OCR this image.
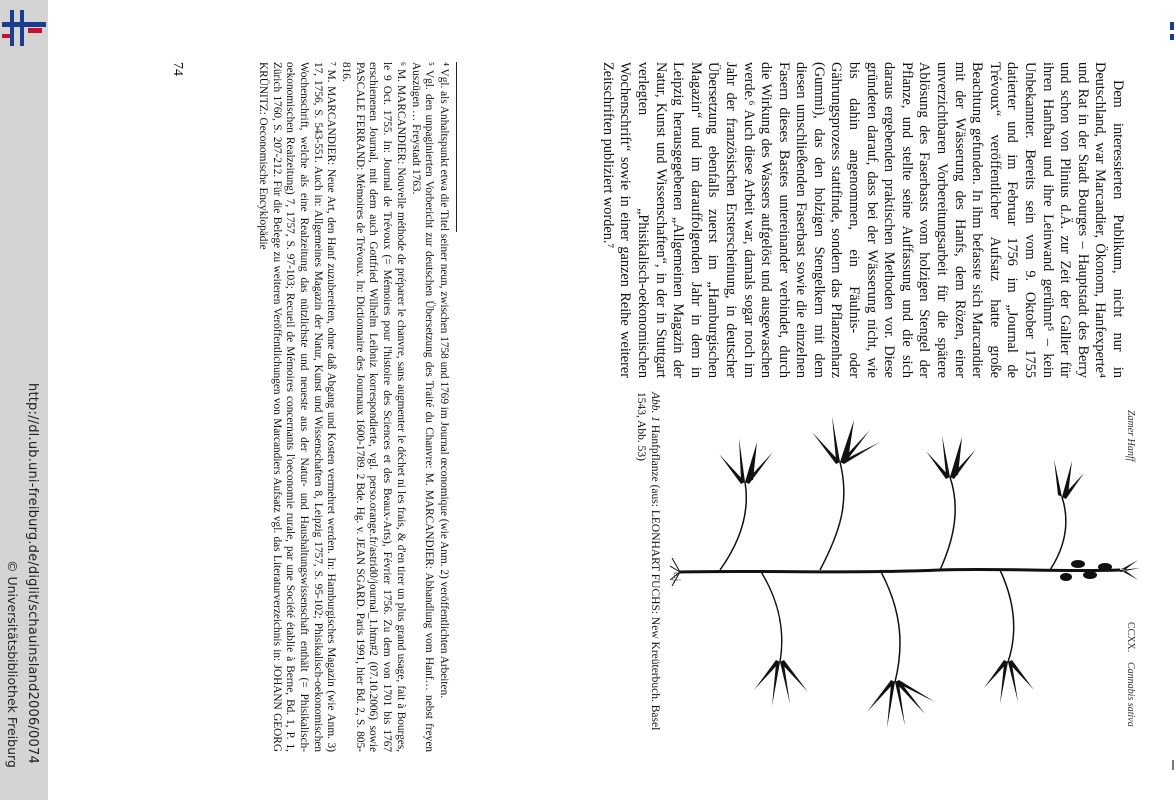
http://dl.ub.uni-freiburg.de/diglit/schauinsland2006/0074
© Universitätsbibliothek Freiburg

Dem interessierten Publikum, nicht nur in Deutschland, war Marcandier, Ökonom, Hanfexperte⁴ und Rat in der Stadt Bourges – Hauptstadt des Berry und schon von Plinius d.Ä. zur Zeit der Gallier für ihren Hanfbau und ihre Leinwand gerühmt⁵ – kein Unbekannter. Bereits sein vom 9. Oktober 1755 datierter und im Februar 1756 im „Journal de Trévoux“ veröffentlicher Aufsatz hatte große Beachtung gefunden. In ihm befasste sich Marcandier mit der Wässerung des Hanfs, dem Rözen, einer unverzichtbaren Vorbereitungsarbeit für die spätere Ablösung des Faserbasts vom holzigen Stengel der Pflanze, und stellte seine Auffassung und die sich daraus ergebenden praktischen Methoden vor. Diese gründeten darauf, dass bei der Wässerung nicht, wie bis dahin angenommen, ein Fäulnis- oder Gährungsprozess stattfinde, sondern das Pflanzenharz (Gummi), das den holzigen Stengelkern mit dem diesen umschließenden Faserbast sowie die einzelnen Fasern dieses Bastes untereinander verbindet, durch die Wirkung des Wassers aufgelöst und ausgewaschen werde.⁶ Auch diese Arbeit war, damals sogar noch im Jahr der französischen Ersterscheinung, in deutscher Übersetzung ebenfalls zuerst im „Hamburgischen Magazin“ und im darauffolgenden Jahr in dem in Leipzig herausgegebenen „Allgemeinen Magazin der Natur, Kunst und Wissenschaften“, in der in Stuttgart verlegten „Phisikalisch-oekonomischen Wochenschrift“ sowie in einer ganzen Reihe weiterer Zeitschriften publiziert worden.⁷

Zamer Hanff
CCXX.
Cannabis sativa
b.j.
Abb. 1 Hanfpflanze (aus: LEONHART FUCHS: New Kreüterbuch. Basel 1543, Abb. 53)

⁴ Vgl. als Anhaltspunkt etwa die Titel seiner neun, zwischen 1758 und 1769 im Journal œconomique (wie Anm. 2) veröffentlichten Arbeiten.

⁵ Vgl. den unpaginierten Vorbericht zur deutschen Übersetzung des Traité du Chanvre: M. MARCANDIER: Abhandlung vom Hanf… nebst freyen Auszügen … Freystadt 1763.

⁶ M. MARCANDIER: Nouvelle méthode de préparer le chanvre, sans augmenter le déchet ni les frais, & d'en tirer un plus grand usage, fait à Bourges, le 9 Oct. 1755. In: Journal de Trévoux (= Mémoires pour l'histoire des Sciences et des Beaux-Arts), Février 1756. Zu dem von 1701 bis 1767 erschienenen Journal, mit dem auch Gottfried Wilhelm Leibniz korrespondierte, vgl. perso.orange.fr/astrid0/journal_1.htm#2 (07.10.2006) sowie PASCALE FERRAND: Mémoires de Trévoux. In: Dictionnaire des Journaux 1600-1789. 2 Bde. Hg. v. JEAN SGARD. Paris 1991, hier Bd. 2, S. 805-816.

⁷ M. MARCANDIER: Neue Art, den Hanf zuzubereiten, ohne daß Abgang und Kosten vermehret werden. In: Hamburgisches Magazin (wie Anm. 3) 17, 1756, S. 543-551. Auch in: Allgemeines Magazin der Natur, Kunst und Wissenschaften 8, Leipzig 1757, S. 95-102; Phisikalisch-oekonomischen Wochenschrift, welche als eine Realzeitung das nützlichste und neueste aus der Natur- und Haushaltungswissenschaft enthält (= Phisikalisch-oekonomischen Realzeitung) 7, 1757, S. 97-103; Recueil de Mémoires concernants l'oeconomie rurale, par une Société établie à Berne, Bd. 1, P. 1, Zürich 1760, S. 207-212. Für die Belege zu weiteren Veröffentlichungen von Marcandiers Aufsatz vgl. das Literaturverzeichnis in: JOHANN GEORG KRÜNITZ: Oeconomische Encyklopädie

74
